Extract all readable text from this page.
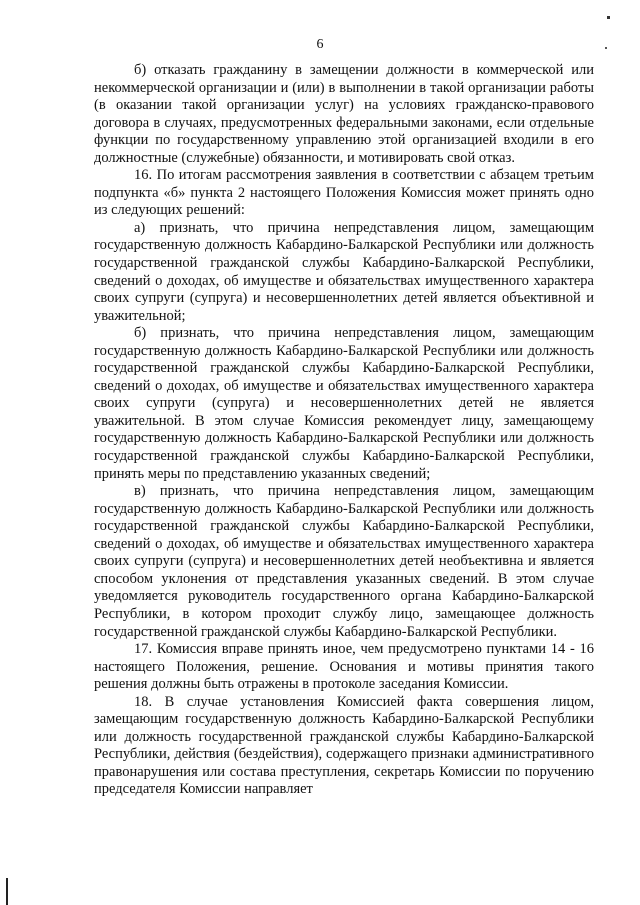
6

б) отказать гражданину в замещении должности в коммерческой или некоммерческой организации и (или) в выполнении в такой организации работы (в оказании такой организации услуг) на условиях гражданско-правового договора в случаях, предусмотренных федеральными законами, если отдельные функции по государственному управлению этой организацией входили в его должностные (служебные) обязанности, и мотивировать свой отказ.

16. По итогам рассмотрения заявления в соответствии с абзацем третьим подпункта «б» пункта 2 настоящего Положения Комиссия может принять одно из следующих решений:

а) признать, что причина непредставления лицом, замещающим государственную должность Кабардино-Балкарской Республики или должность государственной гражданской службы Кабардино-Балкарской Республики, сведений о доходах, об имуществе и обязательствах имущественного характера своих супруги (супруга) и несовершеннолетних детей является объективной и уважительной;

б) признать, что причина непредставления лицом, замещающим государственную должность Кабардино-Балкарской Республики или должность государственной гражданской службы Кабардино-Балкарской Республики, сведений о доходах, об имуществе и обязательствах имущественного характера своих супруги (супруга) и несовершеннолетних детей не является уважительной. В этом случае Комиссия рекомендует лицу, замещающему государственную должность Кабардино-Балкарской Республики или должность государственной гражданской службы Кабардино-Балкарской Республики, принять меры по представлению указанных сведений;

в) признать, что причина непредставления лицом, замещающим государственную должность Кабардино-Балкарской Республики или должность государственной гражданской службы Кабардино-Балкарской Республики, сведений о доходах, об имуществе и обязательствах имущественного характера своих супруги (супруга) и несовершеннолетних детей необъективна и является способом уклонения от представления указанных сведений. В этом случае уведомляется руководитель государственного органа Кабардино-Балкарской Республики, в котором проходит службу лицо, замещающее должность государственной гражданской службы Кабардино-Балкарской Республики.

17. Комиссия вправе принять иное, чем предусмотрено пунктами 14 - 16 настоящего Положения, решение. Основания и мотивы принятия такого решения должны быть отражены в протоколе заседания Комиссии.

18. В случае установления Комиссией факта совершения лицом, замещающим государственную должность Кабардино-Балкарской Республики или должность государственной гражданской службы Кабардино-Балкарской Республики, действия (бездействия), содержащего признаки административного правонарушения или состава преступления, секретарь Комиссии по поручению председателя Комиссии направляет
